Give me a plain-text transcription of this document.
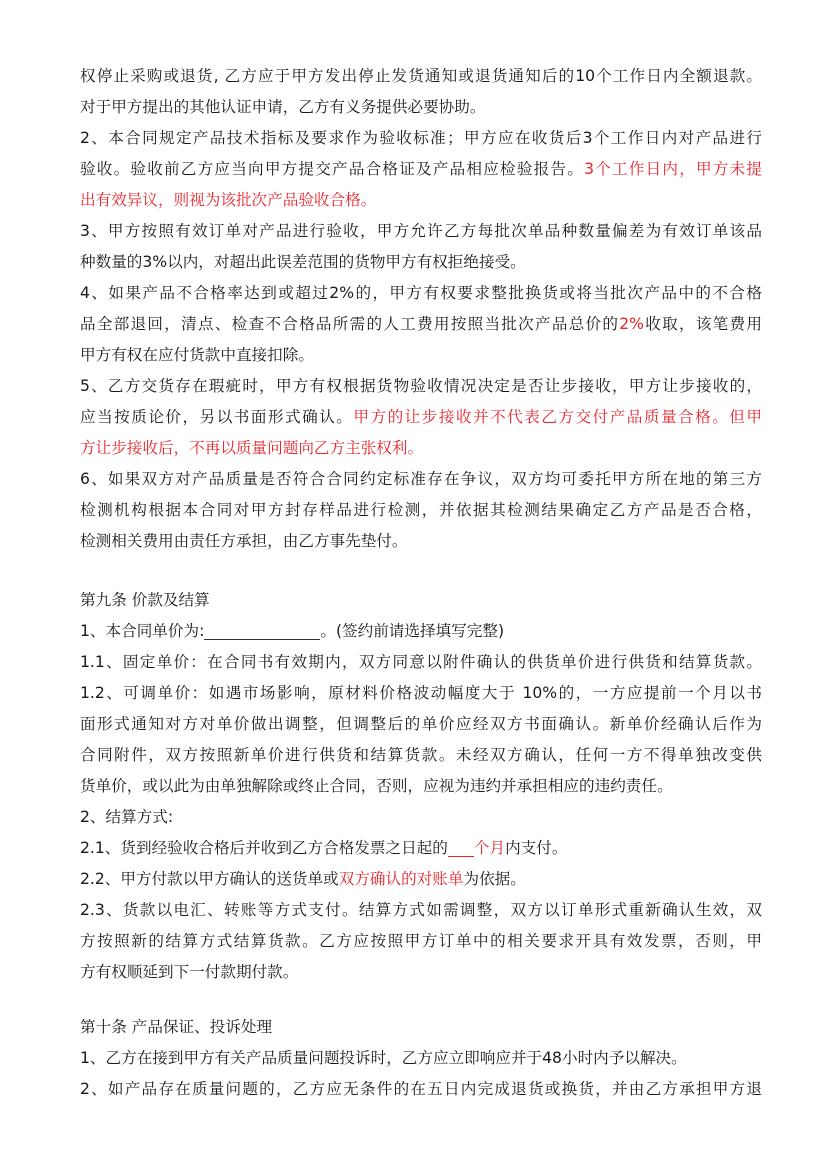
权停止采购或退货, 乙方应于甲方发出停止发货通知或退货通知后的10个工作日内全额退款。
对于甲方提出的其他认证申请，乙方有义务提供必要协助。
2、本合同规定产品技术指标及要求作为验收标准；甲方应在收货后3个工作日内对产品进行
验收。验收前乙方应当向甲方提交产品合格证及产品相应检验报告。3个工作日内，甲方未提
出有效异议，则视为该批次产品验收合格。
3、甲方按照有效订单对产品进行验收，甲方允许乙方每批次单品种数量偏差为有效订单该品
种数量的3%以内，对超出此误差范围的货物甲方有权拒绝接受。
4、如果产品不合格率达到或超过2%的，甲方有权要求整批换货或将当批次产品中的不合格
品全部退回，清点、检查不合格品所需的人工费用按照当批次产品总价的2%收取，该笔费用
甲方有权在应付货款中直接扣除。
5、乙方交货存在瑕疵时，甲方有权根据货物验收情况决定是否让步接收，甲方让步接收的，
应当按质论价，另以书面形式确认。甲方的让步接收并不代表乙方交付产品质量合格。但甲
方让步接收后，不再以质量问题向乙方主张权利。
6、如果双方对产品质量是否符合合同约定标准存在争议，双方均可委托甲方所在地的第三方
检测机构根据本合同对甲方封存样品进行检测，并依据其检测结果确定乙方产品是否合格，
检测相关费用由责任方承担，由乙方事先垫付。
第九条 价款及结算
1、本合同单价为:	。(签约前请选择填写完整)
1.1、固定单价：在合同书有效期内，双方同意以附件确认的供货单价进行供货和结算货款。
1.2、可调单价：如遇市场影响，原材料价格波动幅度大于 10%的，一方应提前一个月以书
面形式通知对方对单价做出调整，但调整后的单价应经双方书面确认。新单价经确认后作为
合同附件，双方按照新单价进行供货和结算货款。未经双方确认，任何一方不得单独改变供
货单价，或以此为由单独解除或终止合同，否则，应视为违约并承担相应的违约责任。
2、结算方式:
2.1、货到经验收合格后并收到乙方合格发票之日起的 个月内支付。
2.2、甲方付款以甲方确认的送货单或双方确认的对账单为依据。
2.3、货款以电汇、转账等方式支付。结算方式如需调整，双方以订单形式重新确认生效，双
方按照新的结算方式结算货款。乙方应按照甲方订单中的相关要求开具有效发票，否则，甲
方有权顺延到下一付款期付款。
第十条 产品保证、投诉处理
1、乙方在接到甲方有关产品质量问题投诉时，乙方应立即响应并于48小时内予以解决。
2、如产品存在质量问题的，乙方应无条件的在五日内完成退货或换货，并由乙方承担甲方退
